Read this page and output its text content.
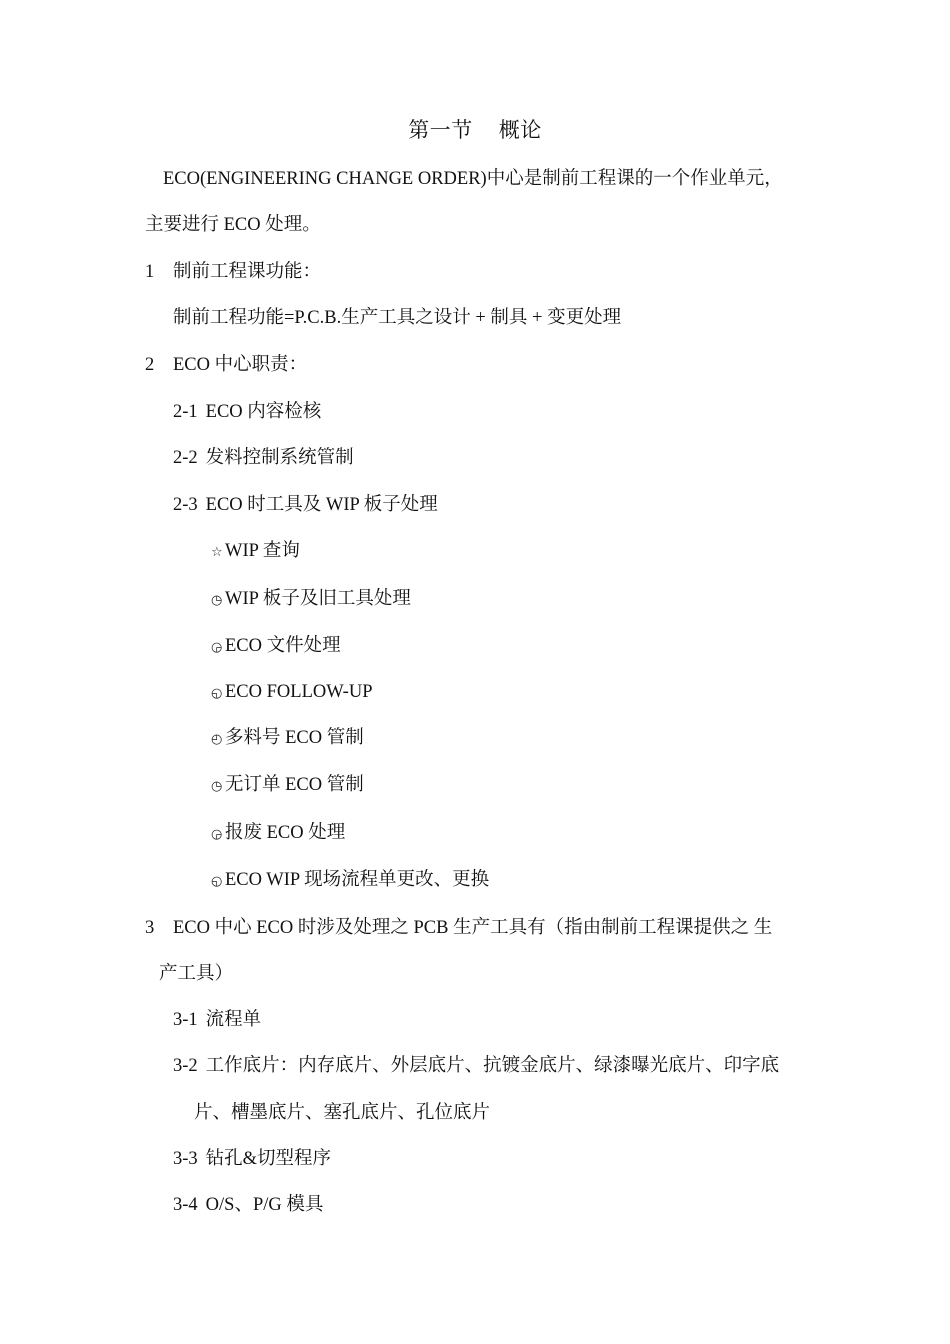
第一节 概论
ECO(ENGINEERING CHANGE ORDER)中心是制前工程课的一个作业单元，
主要进行 ECO 处理。
1 制前工程课功能：
制前工程功能=P.C.B.生产工具之设计 + 制具 + 变更处理
2 ECO 中心职责：
2-1 ECO 内容检核
2-2 发料控制系统管制
2-3 ECO 时工具及 WIP 板子处理
☆ WIP 查询
◷ WIP 板子及旧工具处理
◶ ECO 文件处理
◵ ECO FOLLOW-UP
◴ 多料号 ECO 管制
◷ 无订单 ECO 管制
◶ 报废 ECO 处理
◵ ECO WIP 现场流程单更改、更换
3 ECO 中心 ECO 时涉及处理之 PCB 生产工具有（指由制前工程课提供之 生
产工具）
3-1 流程单
3-2 工作底片：内存底片、外层底片、抗镀金底片、绿漆曝光底片、印字底
片、槽墨底片、塞孔底片、孔位底片
3-3 钻孔&切型程序
3-4 O/S、P/G 模具
